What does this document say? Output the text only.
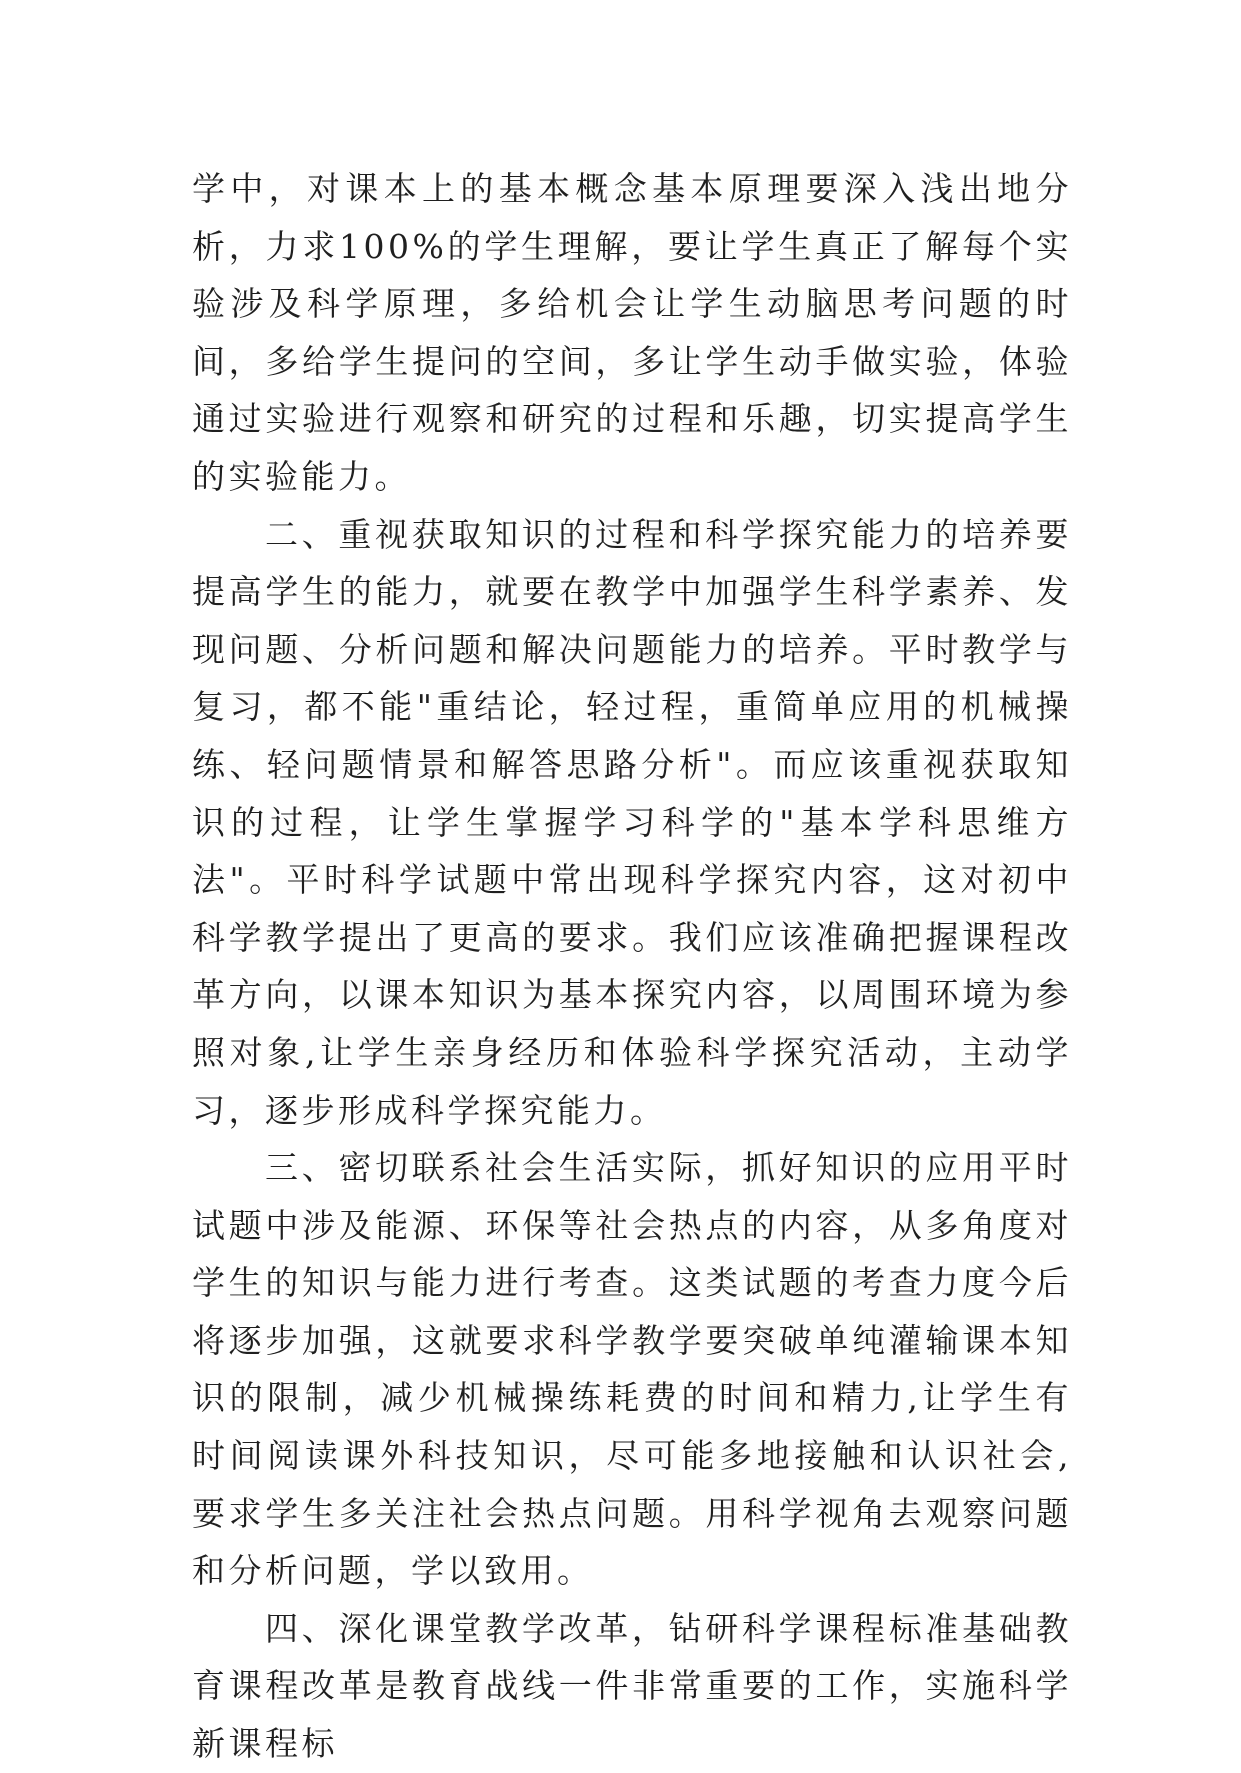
学中，对课本上的基本概念基本原理要深入浅出地分析，力求100%的学生理解，要让学生真正了解每个实验涉及科学原理，多给机会让学生动脑思考问题的时间，多给学生提问的空间，多让学生动手做实验，体验通过实验进行观察和研究的过程和乐趣，切实提高学生的实验能力。

二、重视获取知识的过程和科学探究能力的培养要提高学生的能力，就要在教学中加强学生科学素养、发现问题、分析问题和解决问题能力的培养。平时教学与复习，都不能"重结论，轻过程，重简单应用的机械操练、轻问题情景和解答思路分析"。而应该重视获取知识的过程，让学生掌握学习科学的"基本学科思维方法"。平时科学试题中常出现科学探究内容，这对初中科学教学提出了更高的要求。我们应该准确把握课程改革方向，以课本知识为基本探究内容，以周围环境为参照对象,让学生亲身经历和体验科学探究活动，主动学习，逐步形成科学探究能力。

三、密切联系社会生活实际，抓好知识的应用平时试题中涉及能源、环保等社会热点的内容，从多角度对学生的知识与能力进行考查。这类试题的考查力度今后将逐步加强，这就要求科学教学要突破单纯灌输课本知识的限制，减少机械操练耗费的时间和精力,让学生有时间阅读课外科技知识，尽可能多地接触和认识社会,要求学生多关注社会热点问题。用科学视角去观察问题和分析问题，学以致用。

四、深化课堂教学改革，钻研科学课程标准基础教育课程改革是教育战线一件非常重要的工作，实施科学新课程标
